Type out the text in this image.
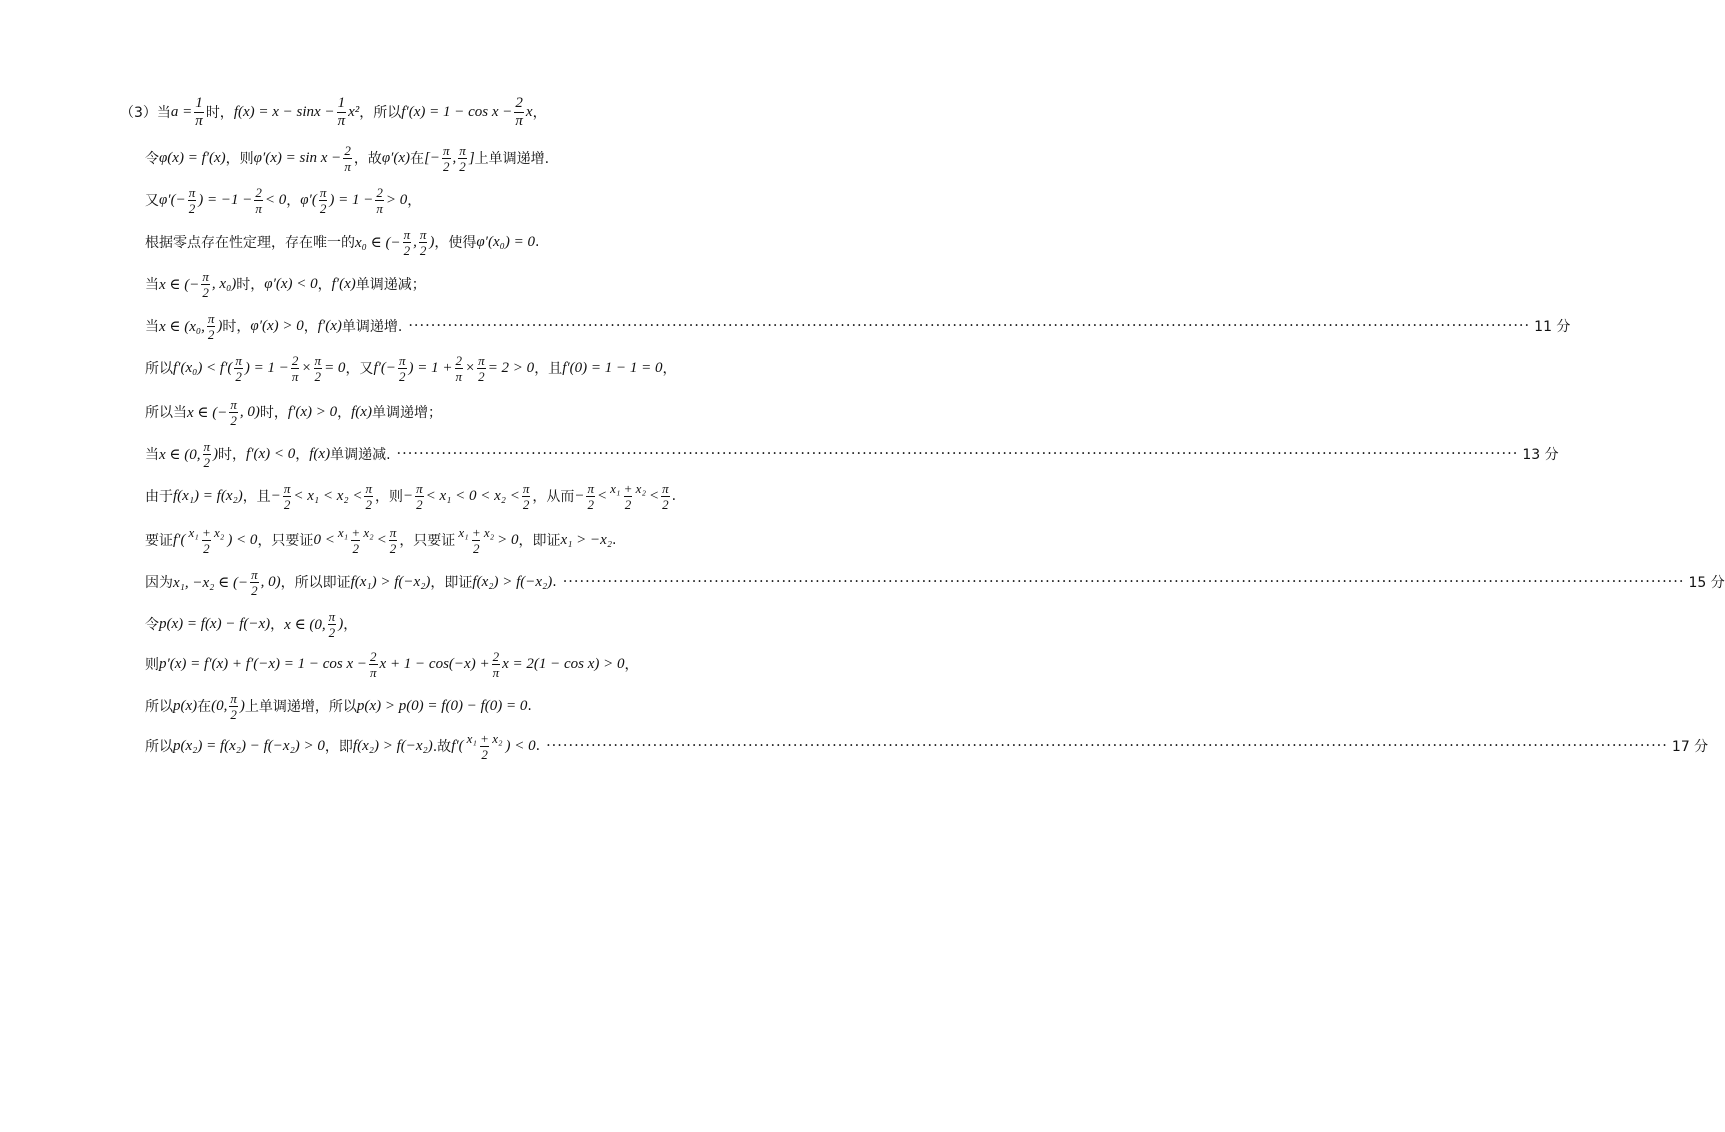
（3）当 $a = \frac{1}{\pi}$ 时， $f(x) = x - \sin x - \frac{1}{\pi} x^2$ ，所以 $f'(x) = 1 - \cos x - \frac{2}{\pi}$ x ，
令 φ(x) = f′(x) ，则 $\varphi'(x) = \sin x - \frac{2}{\pi}$ ，故 φ′(x) 在 [− $\frac{\pi}{2}$ , $\frac{\pi}{2}$ ] 上单调递增.
又 $\varphi'(- \frac{\pi}{2}$ ) = $-1 - \frac{2}{\pi} < 0$ ， $\varphi'( \frac{\pi}{2}$ ) = $1 - \frac{2}{\pi} > 0$ ，
根据零点存在性定理，存在唯一的 x₀ ∈ (− $\frac{\pi}{2}$ , $\frac{\pi}{2}$ ) ，使得 φ′(x₀) = 0 .
当 x ∈ (− $\frac{\pi}{2}$ , x₀) 时， φ′(x) < 0 ， f′(x) 单调递减；
当 x ∈ (x₀, $\frac{\pi}{2}$ ) 时， φ′(x) > 0 ， f′(x) 单调递增. ········································································································································································································ 11 分
所以 $f'(x_0) < f'( \frac{\pi}{2}$ ) = $1 - \frac{2}{\pi} \times \frac{\pi}{2} = 0$ ，又 $f'(- \frac{\pi}{2}$ ) = $1 + \frac{2}{\pi} \times \frac{\pi}{2} = 2 > 0$ ，且 f′(0) = 1 − 1 = 0 ，
所以当 x ∈ (− $\frac{\pi}{2}$ , 0) 时， f′(x) > 0 ， f(x) 单调递增；
当 x ∈ (0, $\frac{\pi}{2}$ ) 时， f′(x) < 0 ， f(x) 单调递减. ········································································································································································································ 13 分
由于 f(x₁) = f(x₂) ，且 − $\frac{\pi}{2} < x_1 < x_2 < \frac{\pi}{2}$ ，则 − $\frac{\pi}{2} < x_1 < 0 < x_2 < \frac{\pi}{2}$ ，从而 − $\frac{\pi}{2} < \frac{\text{x₁ + x₂}}{2} < \frac{\pi}{2}$ .
要证 $f'( \frac{\text{x₁ + x₂}}{2}$ ) < 0 ，只要证 $0 < \frac{\text{x₁ + x₂}}{2} < \frac{\pi}{2}$ ，只要证 $\frac{\text{x₁ + x₂}}{2} > 0$ ，即证 x₁ > −x₂ .
因为 x₁, −x₂ ∈ (− $\frac{\pi}{2}$ , 0) ，所以即证 f(x₁) > f(−x₂) ，即证 f(x₂) > f(−x₂) . ········································································································································································································ 15 分
令 p(x) = f(x) − f(−x) ， x ∈ (0, $\frac{\pi}{2}$ ) ，
则 $p'(x) = f'(x) + f'(-x) = 1 - \cos x - \frac{2}{\pi}$ $x + 1 - \cos(-x) + \frac{2}{\pi}$ x = 2(1 − cos x) > 0 ，
所以 p(x) 在 (0, $\frac{\pi}{2}$ ) 上单调递增，所以 p(x) > p(0) = f(0) − f(0) = 0 .
所以 p(x₂) = f(x₂) − f(−x₂) > 0 ，即 f(x₂) > f(−x₂) .故 $f'( \frac{\text{x₁ + x₂}}{2}$ ) < 0 . ········································································································································································································ 17 分
